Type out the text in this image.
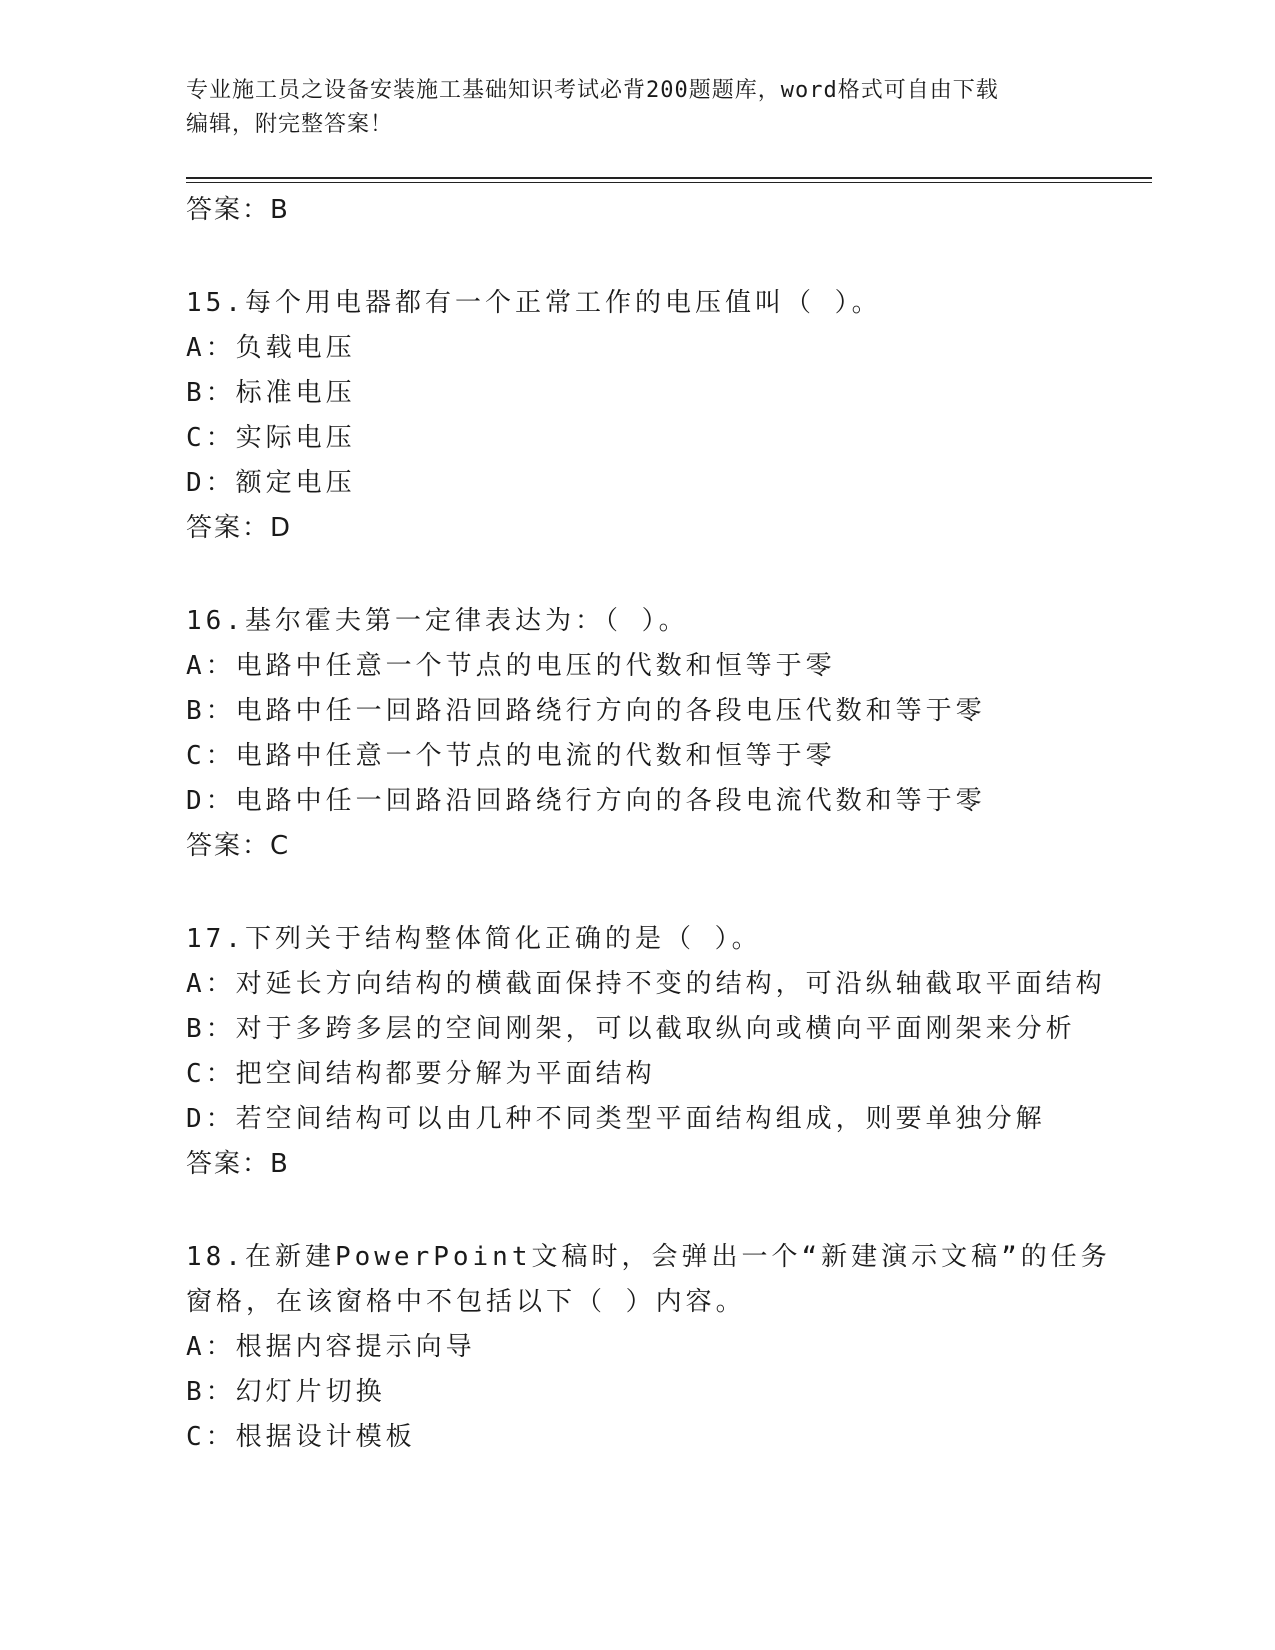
专业施工员之设备安装施工基础知识考试必背200题题库，word格式可自由下载
编辑，附完整答案！
答案：B
15.每个用电器都有一个正常工作的电压值叫（ ）。
A：负载电压
B：标准电压
C：实际电压
D：额定电压
答案：D
16.基尔霍夫第一定律表达为：（ ）。
A：电路中任意一个节点的电压的代数和恒等于零
B：电路中任一回路沿回路绕行方向的各段电压代数和等于零
C：电路中任意一个节点的电流的代数和恒等于零
D：电路中任一回路沿回路绕行方向的各段电流代数和等于零
答案：C
17.下列关于结构整体简化正确的是（ ）。
A：对延长方向结构的横截面保持不变的结构，可沿纵轴截取平面结构
B：对于多跨多层的空间刚架，可以截取纵向或横向平面刚架来分析
C：把空间结构都要分解为平面结构
D：若空间结构可以由几种不同类型平面结构组成，则要单独分解
答案：B
18.在新建PowerPoint文稿时，会弹出一个“新建演示文稿”的任务
窗格，在该窗格中不包括以下（ ）内容。
A：根据内容提示向导
B：幻灯片切换
C：根据设计模板
